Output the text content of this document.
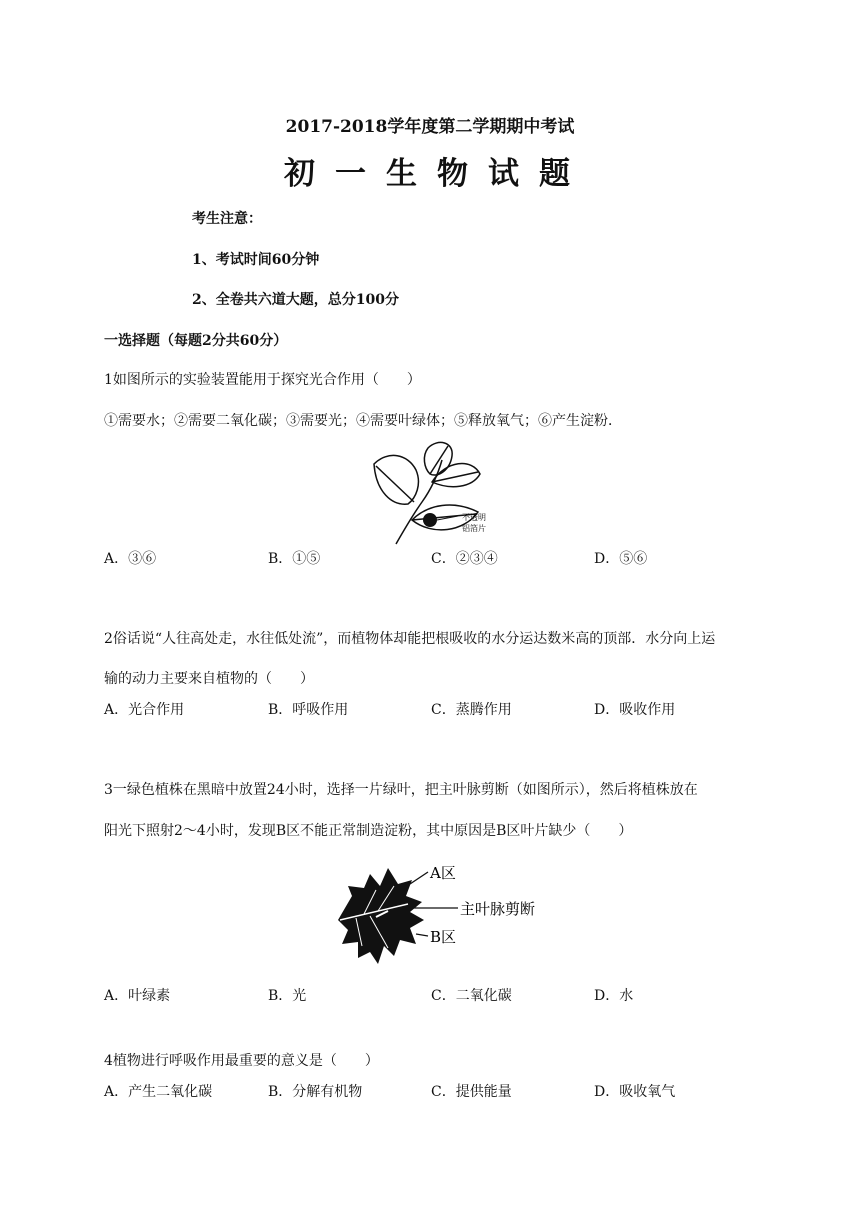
2017-2018学年度第二学期期中考试
初一生物试题
考生注意：
1、考试时间60分钟
2、全卷共六道大题，总分100分
一选择题（每题2分共60分）
1如图所示的实验装置能用于探究光合作用（　　）
①需要水；②需要二氧化碳；③需要光；④需要叶绿体；⑤释放氧气；⑥产生淀粉．
不透明
铝箔片
A．③⑥	B．①⑤	C．②③④	D．⑤⑥
2俗话说“人往高处走，水往低处流”，而植物体却能把根吸收的水分运达数米高的顶部．水分向上运
输的动力主要来自植物的（　　）
A．光合作用	B．呼吸作用	C．蒸腾作用	D．吸收作用
3一绿色植株在黑暗中放置24小时，选择一片绿叶，把主叶脉剪断（如图所示），然后将植株放在
阳光下照射2～4小时，发现B区不能正常制造淀粉，其中原因是B区叶片缺少（　　）
A区
主叶脉剪断
B区
A．叶绿素	B．光	C．二氧化碳	D．水
4植物进行呼吸作用最重要的意义是（　　）
A．产生二氧化碳	B．分解有机物	C．提供能量	D．吸收氧气
